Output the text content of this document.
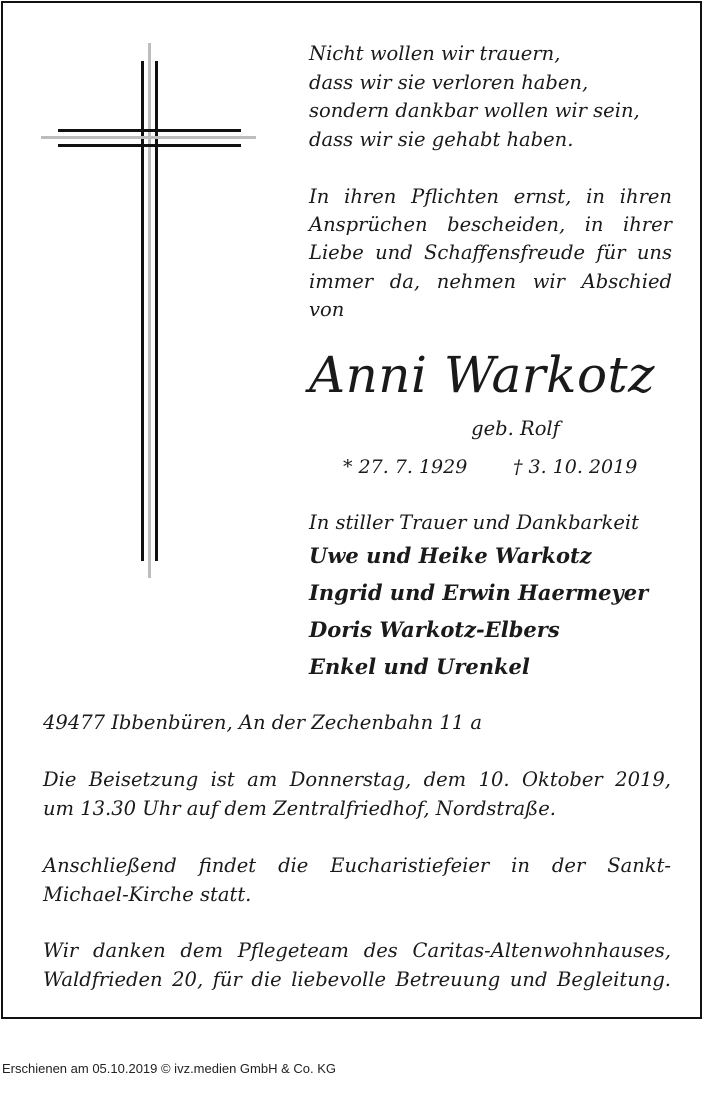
Nicht wollen wir trauern,
dass wir sie verloren haben,
sondern dankbar wollen wir sein,
dass wir sie gehabt haben.
In ihren Pflichten ernst, in ihren
Ansprüchen bescheiden, in ihrer
Liebe und Schaffensfreude für uns
immer da, nehmen wir Abschied
von
Anni Warkotz
geb. Rolf
* 27. 7. 1929 † 3. 10. 2019
In stiller Trauer und Dankbarkeit
Uwe und Heike Warkotz
Ingrid und Erwin Haermeyer
Doris Warkotz-Elbers
Enkel und Urenkel
49477 Ibbenbüren, An der Zechenbahn 11 a
Die Beisetzung ist am Donnerstag, dem 10. Oktober 2019,
um 13.30 Uhr auf dem Zentralfriedhof, Nordstraße.
Anschließend findet die Eucharistiefeier in der Sankt-
Michael-Kirche statt.
Wir danken dem Pflegeteam des Caritas-Altenwohnhauses,
Waldfrieden 20, für die liebevolle Betreuung und Begleitung.
Erschienen am 05.10.2019 © ivz.medien GmbH & Co. KG
